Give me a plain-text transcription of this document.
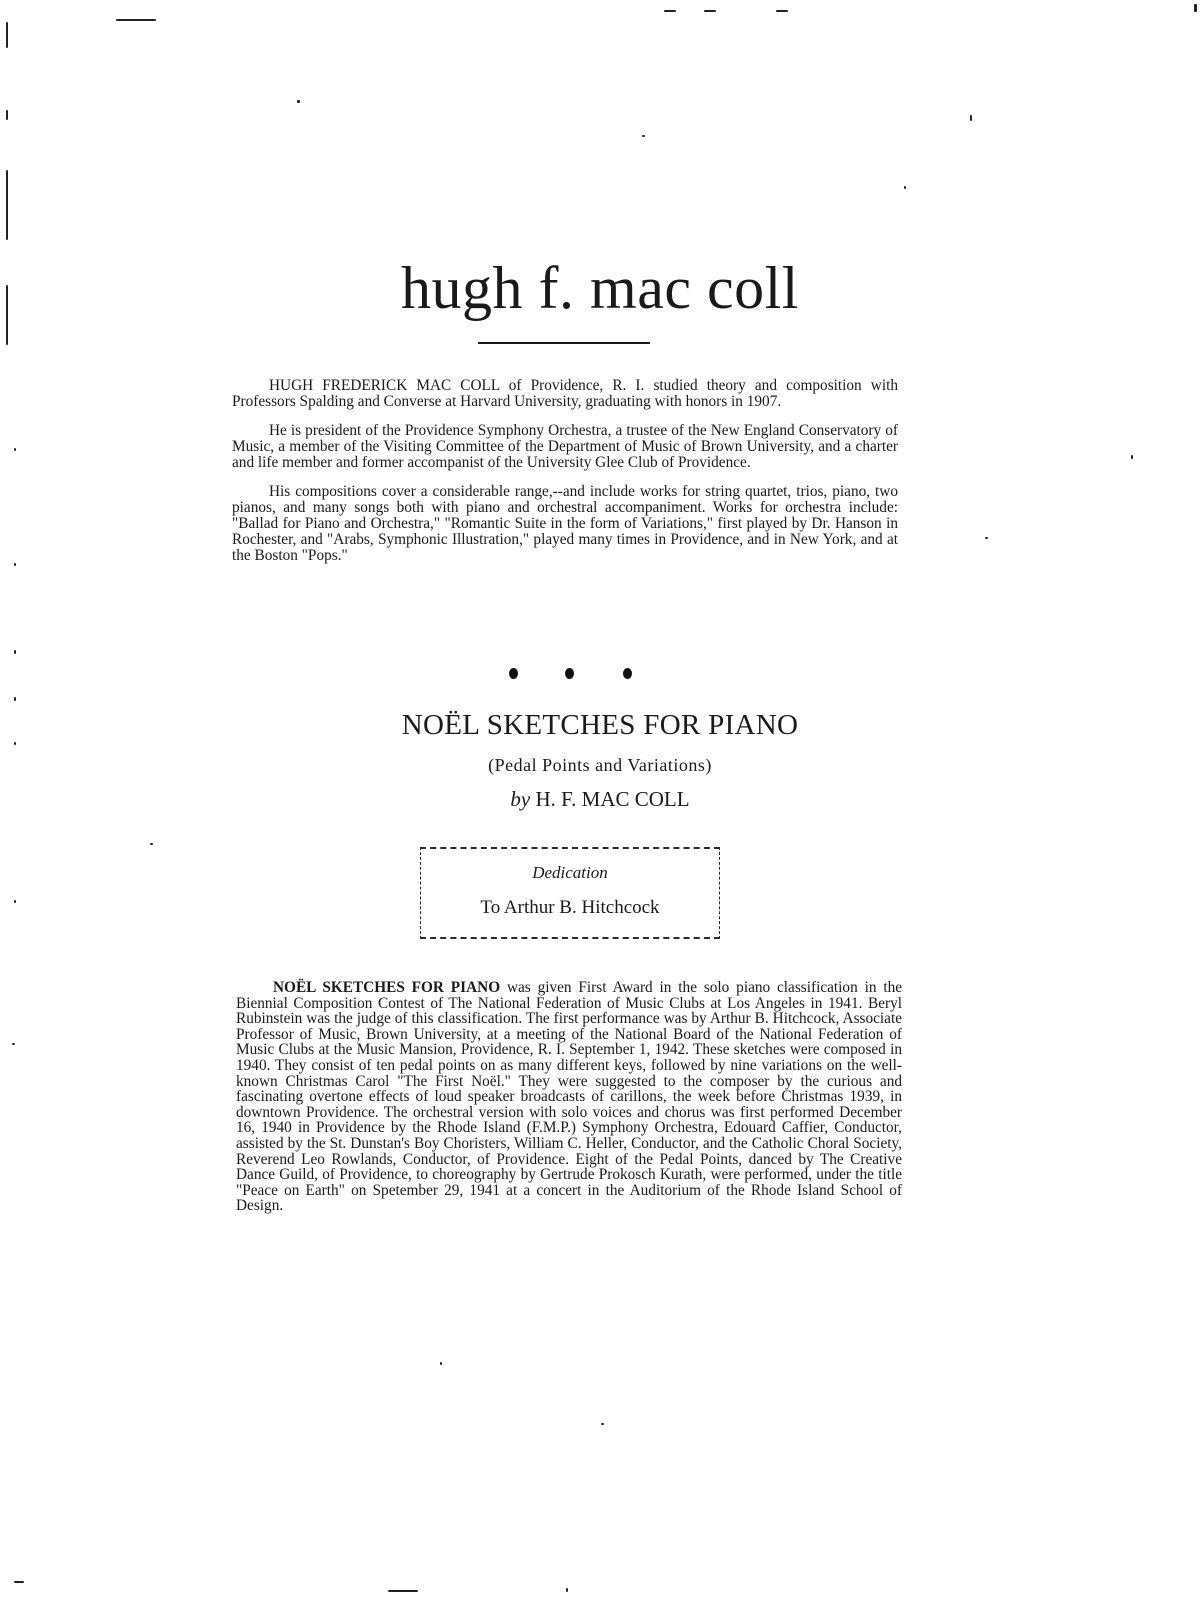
hugh f. mac coll

HUGH FREDERICK MAC COLL of Providence, R. I. studied theory and composition with Professors Spalding and Converse at Harvard University, graduating with honors in 1907.

He is president of the Providence Symphony Orchestra, a trustee of the New England Conservatory of Music, a member of the Visiting Committee of the Department of Music of Brown University, and a charter and life member and former accompanist of the University Glee Club of Providence.

His compositions cover a considerable range,--and include works for string quartet, trios, piano, two pianos, and many songs both with piano and orchestral accompaniment. Works for orchestra include: "Ballad for Piano and Orchestra," "Romantic Suite in the form of Variations," first played by Dr. Hanson in Rochester, and "Arabs, Symphonic Illustration," played many times in Providence, and in New York, and at the Boston "Pops."

NOËL SKETCHES FOR PIANO
(Pedal Points and Variations)
by H. F. MAC COLL
Dedication
To Arthur B. Hitchcock

NOËL SKETCHES FOR PIANO was given First Award in the solo piano classification in the Biennial Composition Contest of The National Federation of Music Clubs at Los Angeles in 1941. Beryl Rubinstein was the judge of this classification. The first performance was by Arthur B. Hitchcock, Associate Professor of Music, Brown University, at a meeting of the National Board of the National Federation of Music Clubs at the Music Mansion, Providence, R. I. September 1, 1942. These sketches were composed in 1940. They consist of ten pedal points on as many different keys, followed by nine variations on the well-known Christmas Carol "The First Noël." They were suggested to the composer by the curious and fascinating overtone effects of loud speaker broadcasts of carillons, the week before Christmas 1939, in downtown Providence. The orchestral version with solo voices and chorus was first performed December 16, 1940 in Providence by the Rhode Island (F.M.P.) Symphony Orchestra, Edouard Caffier, Conductor, assisted by the St. Dunstan's Boy Choristers, William C. Heller, Conductor, and the Catholic Choral Society, Reverend Leo Rowlands, Conductor, of Providence. Eight of the Pedal Points, danced by The Creative Dance Guild, of Providence, to choreography by Gertrude Prokosch Kurath, were performed, under the title "Peace on Earth" on Spetember 29, 1941 at a concert in the Auditorium of the Rhode Island School of Design.
